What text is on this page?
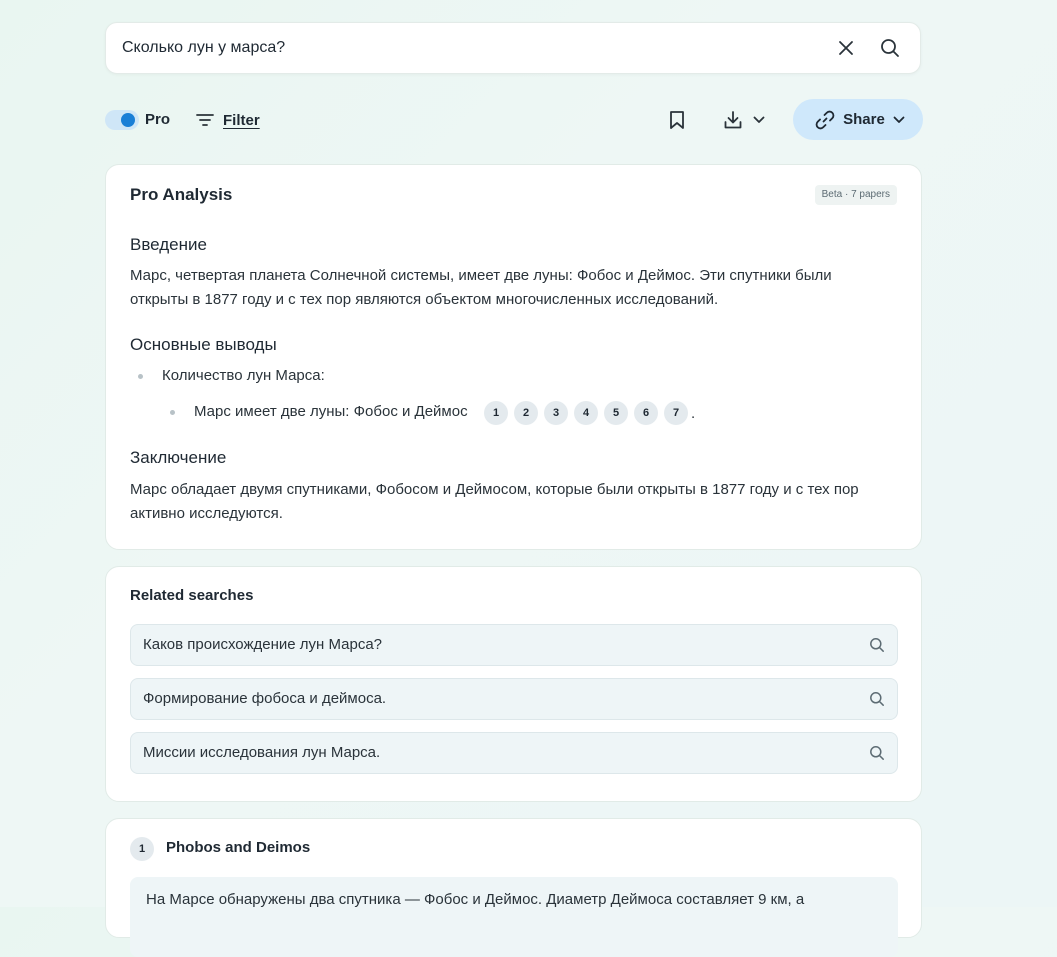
Сколько лун у марса?
Pro	Filter	Share
Pro Analysis	Beta · 7 papers
Введение
Марс, четвертая планета Солнечной системы, имеет две луны: Фобос и Деймос. Эти спутники были
открыты в 1877 году и с тех пор являются объектом многочисленных исследований.
Основные выводы
Количество лун Марса:
Марс имеет две луны: Фобос и Деймос	1	2	3	4	5	6	7 .
Заключение
Марс обладает двумя спутниками, Фобосом и Деймосом, которые были открыты в 1877 году и с тех пор
активно исследуются.
Related searches
Каков происхождение лун Марса?
Формирование фобоса и деймоса.
Миссии исследования лун Марса.
1	Phobos and Deimos
На Марсе обнаружены два спутника — Фобос и Деймос. Диаметр Деймоса составляет 9 км, а
